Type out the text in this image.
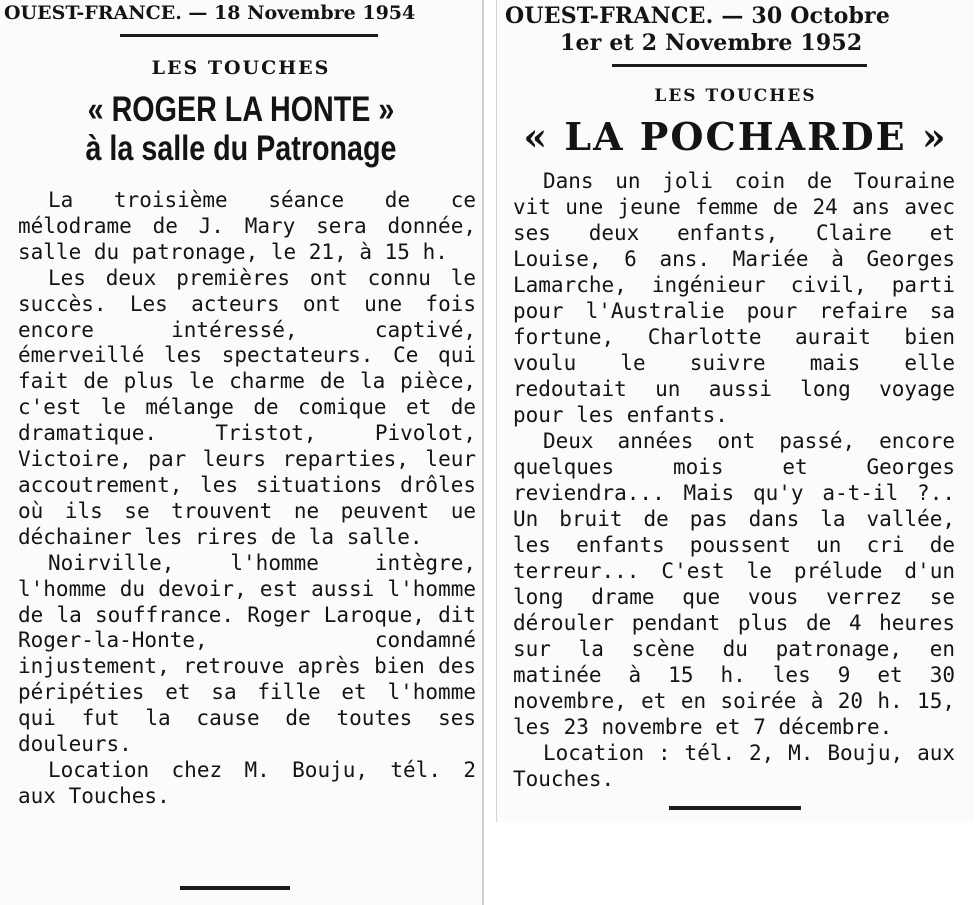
OUEST-FRANCE. — 18 Novembre 1954
LES TOUCHES
« ROGER LA HONTE »
à la salle du Patronage

La troisième séance de ce mélodrame de J. Mary sera donnée, salle du patronage, le 21, à 15 h.

Les deux premières ont connu le succès. Les acteurs ont une fois encore intéressé, captivé, émerveillé les spectateurs. Ce qui fait de plus le charme de la pièce, c'est le mélange de comique et de dramatique. Tristot, Pivolot, Victoire, par leurs reparties, leur accoutrement, les situations drôles où ils se trouvent ne peuvent ue déchainer les rires de la salle.

Noirville, l'homme intègre, l'homme du devoir, est aussi l'homme de la souffrance. Roger Laroque, dit Roger-la-Honte, condamné injustement, retrouve après bien des péripéties et sa fille et l'homme qui fut la cause de toutes ses douleurs.

Location chez M. Bouju, tél. 2 aux Touches.

OUEST-FRANCE. — 30 Octobre
1er et 2 Novembre 1952
LES TOUCHES
« LA POCHARDE »

Dans un joli coin de Touraine vit une jeune femme de 24 ans avec ses deux enfants, Claire et Louise, 6 ans. Mariée à Georges Lamarche, ingénieur civil, parti pour l'Australie pour refaire sa fortune, Charlotte aurait bien voulu le suivre mais elle redoutait un aussi long voyage pour les enfants.

Deux années ont passé, encore quelques mois et Georges reviendra... Mais qu'y a-t-il ?.. Un bruit de pas dans la vallée, les enfants poussent un cri de terreur... C'est le prélude d'un long drame que vous verrez se dérouler pendant plus de 4 heures sur la scène du patronage, en matinée à 15 h. les 9 et 30 novembre, et en soirée à 20 h. 15, les 23 novembre et 7 décembre.

Location : tél. 2, M. Bouju, aux Touches.
